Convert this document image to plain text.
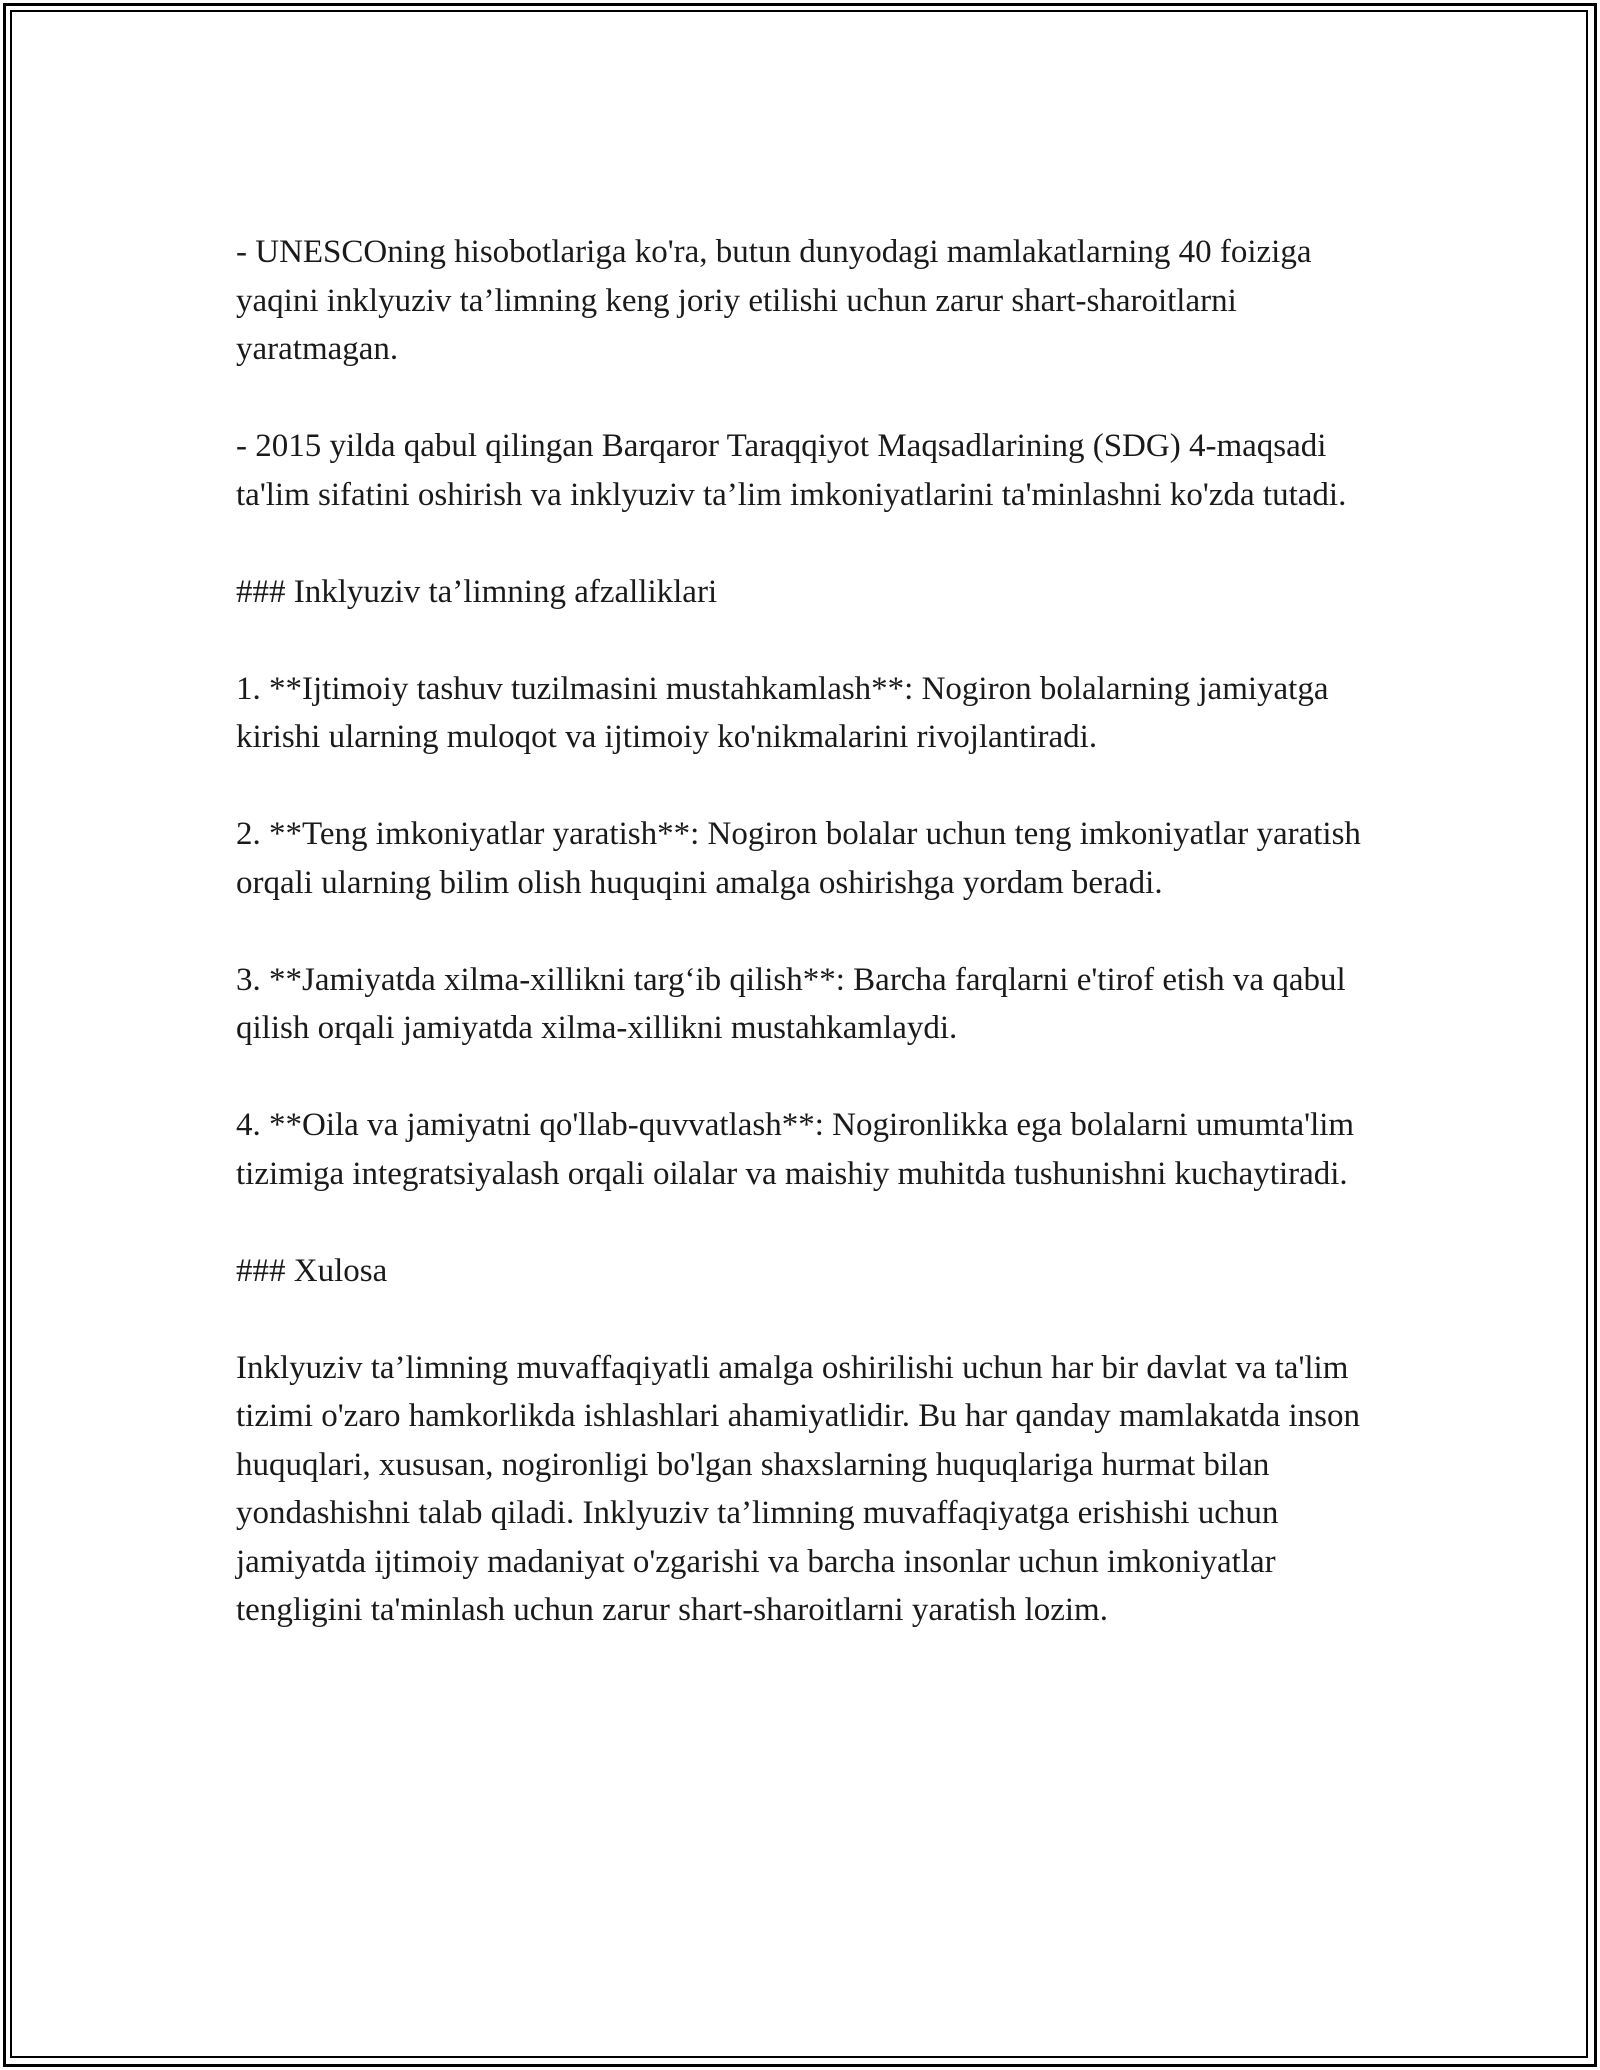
- UNESCOning hisobotlariga ko'ra, butun dunyodagi mamlakatlarning 40 foiziga yaqini inklyuziv ta’limning keng joriy etilishi uchun zarur shart-sharoitlarni yaratmagan.

- 2015 yilda qabul qilingan Barqaror Taraqqiyot Maqsadlarining (SDG) 4-maqsadi ta'lim sifatini oshirish va inklyuziv ta’lim imkoniyatlarini ta'minlashni ko'zda tutadi.

### Inklyuziv ta’limning afzalliklari

1. **Ijtimoiy tashuv tuzilmasini mustahkamlash**: Nogiron bolalarning jamiyatga kirishi ularning muloqot va ijtimoiy ko'nikmalarini rivojlantiradi.

2. **Teng imkoniyatlar yaratish**: Nogiron bolalar uchun teng imkoniyatlar yaratish orqali ularning bilim olish huquqini amalga oshirishga yordam beradi.

3. **Jamiyatda xilma-xillikni targ‘ib qilish**: Barcha farqlarni e'tirof etish va qabul qilish orqali jamiyatda xilma-xillikni mustahkamlaydi.

4. **Oila va jamiyatni qo'llab-quvvatlash**: Nogironlikka ega bolalarni umumta'lim tizimiga integratsiyalash orqali oilalar va maishiy muhitda tushunishni kuchaytiradi.

### Xulosa

Inklyuziv ta’limning muvaffaqiyatli amalga oshirilishi uchun har bir davlat va ta'lim tizimi o'zaro hamkorlikda ishlashlari ahamiyatlidir. Bu har qanday mamlakatda inson huquqlari, xususan, nogironligi bo'lgan shaxslarning huquqlariga hurmat bilan yondashishni talab qiladi. Inklyuziv ta’limning muvaffaqiyatga erishishi uchun jamiyatda ijtimoiy madaniyat o'zgarishi va barcha insonlar uchun imkoniyatlar tengligini ta'minlash uchun zarur shart-sharoitlarni yaratish lozim.
